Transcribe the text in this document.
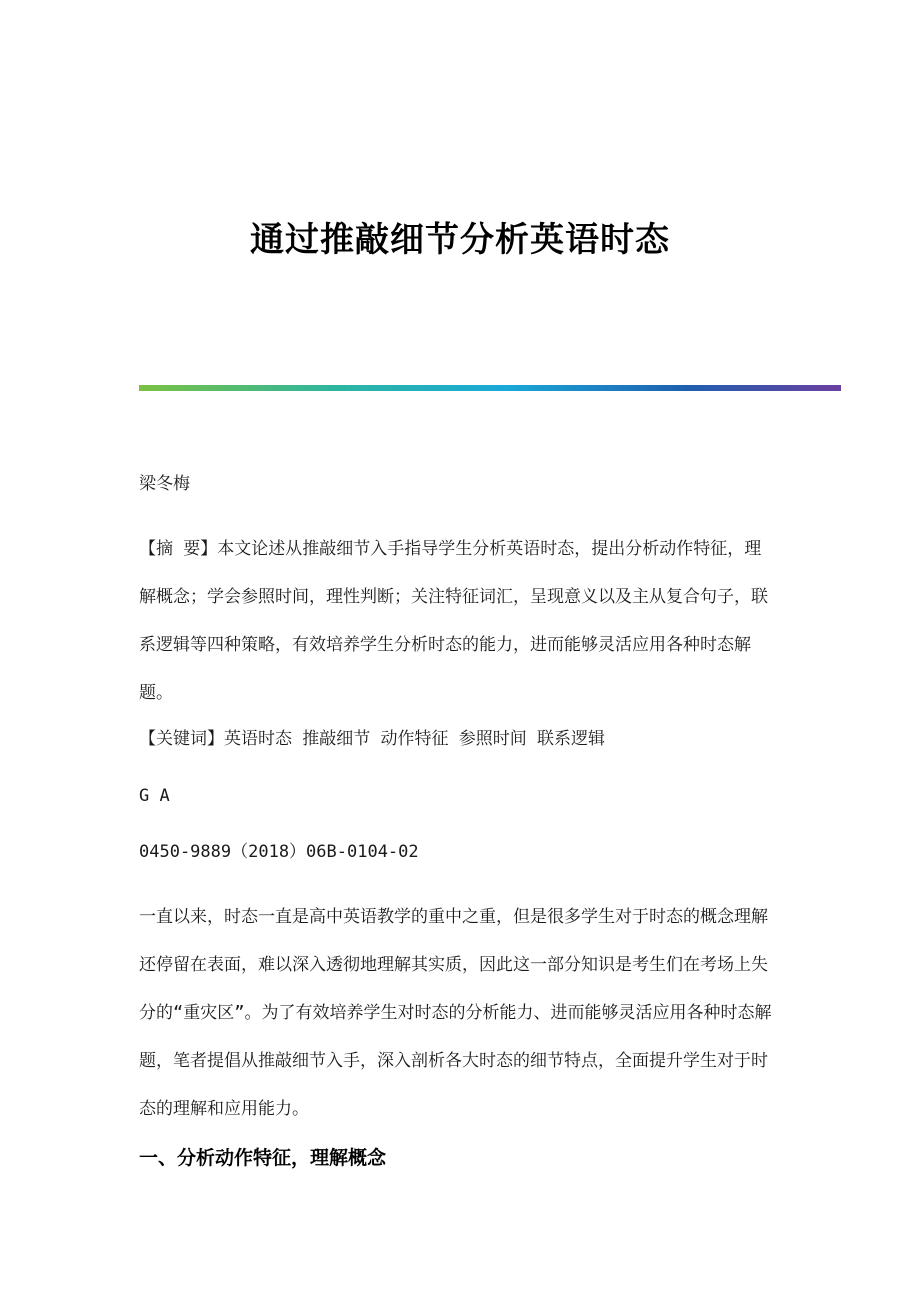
通过推敲细节分析英语时态

梁冬梅

【摘 要】本文论述从推敲细节入手指导学生分析英语时态，提出分析动作特征，理解概念；学会参照时间，理性判断；关注特征词汇，呈现意义以及主从复合句子，联系逻辑等四种策略，有效培养学生分析时态的能力，进而能够灵活应用各种时态解题。

【关键词】英语时态 推敲细节 动作特征 参照时间 联系逻辑

G A

0450-9889（2018）06B-0104-02

一直以来，时态一直是高中英语教学的重中之重，但是很多学生对于时态的概念理解还停留在表面，难以深入透彻地理解其实质，因此这一部分知识是考生们在考场上失分的“重灾区”。为了有效培养学生对时态的分析能力、进而能够灵活应用各种时态解题，笔者提倡从推敲细节入手，深入剖析各大时态的细节特点，全面提升学生对于时态的理解和应用能力。

一、分析动作特征，理解概念
